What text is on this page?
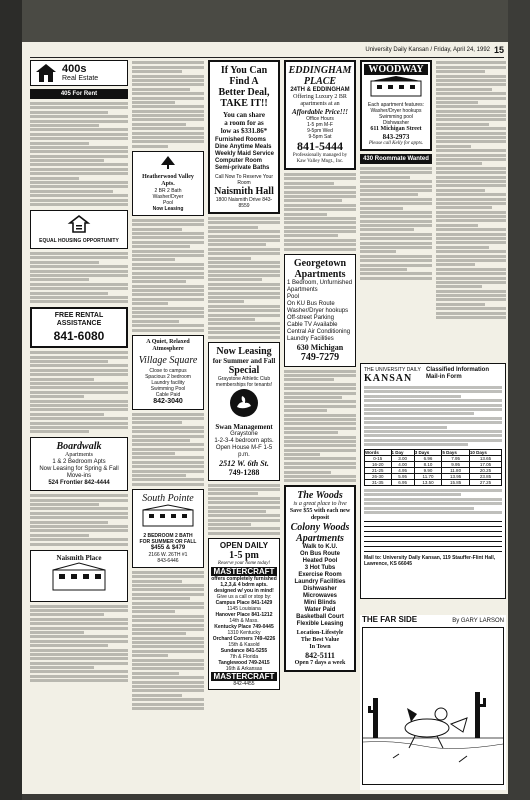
University Daily Kansan / Friday, April 24, 1992 15
400s
Real Estate
405 For Rent
EQUAL HOUSING OPPORTUNITY
FREE RENTAL ASSISTANCE
841-6080
Boardwalk
Apartments
1 & 2 Bedroom Apts
Now Leasing for Spring & Fall Move-ins
524 Frontier 842-4444
Naismith Place
Heatherwood Valley Apts.
2 BR 2 Bath
Washer/Dryer
Pool
Now Leasing
A Quiet, Relaxed Atmosphere
Village Square
Close to campus
Spacious 2 bedroom
Laundry facility
Swimming Pool
Cable Paid
842-3040
South Pointe
2 BEDROOM 2 BATH
FOR SUMMER OR FALL
$455 & $479
2166 W. 26TH #1
843-6446
If You Can
Find A
Better Deal,
TAKE IT!!
You can share
a room for as
low as $331.86*
Furnished Rooms
Dine Anytime Meals
Weekly Maid Service
Computer Room
Semi-private Baths
Call Now To Reserve Your Room
Naismith Hall
1800 Naismith Drive 843-8559
Now Leasing
for Summer and Fall
Special
Graystone Athletic Club
memberships for tenants!
Swan Management
Graystone
1-2-3-4 bedroom apts.
Open House M-F 1-5 p.m.
2512 W. 6th St.
749-1288
OPEN DAILY
1-5 pm
Reserve your home today!
MASTERCRAFT
offers completely furnished
1,2,3,& 4 bdrm apts.
designed w/ you in mind!
Give us a call or stop by:
Campus Place 841-1429
1145 Louisiana
Hanover Place 841-1212
14th & Mass.
Kentucky Place 749-0445
1310 Kentucky
Orchard Corners 749-4226
15th & Kasold
Sundance 841-5255
7th & Florida
Tanglewood 749-2415
16th & Arkansas
MASTERCRAFT
842-4455
EDDINGHAM PLACE
24TH & EDDINGHAM
Offering Luxury 2 BR
apartments at an
Affordable Price!!!
Office Hours
1-5 pm M-F
9-5pm Wed
9-5pm Sat
841-5444
Professionally managed by Kaw Valley Mngt., Inc.
Georgetown Apartments
1 Bedroom, Unfurnished Apartments
Pool
On KU Bus Route
Washer/Dryer hookups
Off-street Parking
Cable TV Available
Central Air Conditioning
Laundry Facilities
630 Michigan
749-7279
The Woods
is a great place to live
Save $55 with each new deposit
Colony Woods Apartments
Walk to K.U.
On Bus Route
Heated Pool
3 Hot Tubs
Exercise Room
Laundry Facilities
Dishwasher
Microwaves
Mini Blinds
Water Paid
Basketball Court
Flexible Leasing
Location-Lifestyle
The Best Value
In Town
842-5111
Open 7 days a week
WOODWAY
Each apartment features:
Washer/Dryer hookups
Swimming pool
Dishwasher
611 Michigan Street
843-2973
Please call Kelly for appts.
430 Roommate Wanted
THE UNIVERSITY DAILY
KANSAN
Classified Information Mail-in Form
Words	1 Day	3 Days	5 Days	10 Days
0-15	3.00	6.96	7.95	13.65
16-20	4.00	8.10	9.95	17.05
21-25	4.95	9.90	11.80	20.25
26-30	5.95	11.70	13.95	23.85
31-35	6.95	13.50	15.85	27.25
Mail to: University Daily Kansan, 119 Stauffer-Flint Hall, Lawrence, KS 66045
THE FAR SIDE	By GARY LARSON
